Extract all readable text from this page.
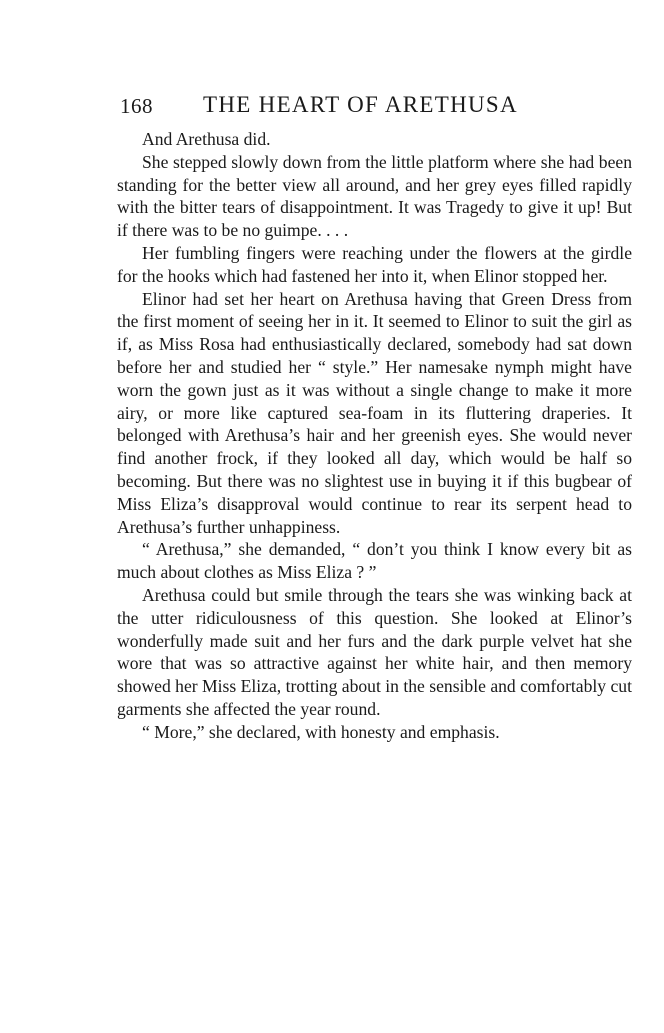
168 THE HEART OF ARETHUSA

And Arethusa did.

She stepped slowly down from the little platform where she had been standing for the better view all around, and her grey eyes filled rapidly with the bitter tears of disappointment. It was Tragedy to give it up! But if there was to be no guimpe. . . .

Her fumbling fingers were reaching under the flowers at the girdle for the hooks which had fastened her into it, when Elinor stopped her.

Elinor had set her heart on Arethusa having that Green Dress from the first moment of seeing her in it. It seemed to Elinor to suit the girl as if, as Miss Rosa had enthusiastically declared, somebody had sat down before her and studied her “ style.” Her namesake nymph might have worn the gown just as it was without a single change to make it more airy, or more like captured sea-foam in its fluttering draperies. It belonged with Arethusa’s hair and her greenish eyes. She would never find another frock, if they looked all day, which would be half so becoming. But there was no slightest use in buying it if this bugbear of Miss Eliza’s disapproval would continue to rear its serpent head to Arethusa’s further unhappiness.

“ Arethusa,” she demanded, “ don’t you think I know every bit as much about clothes as Miss Eliza ? ”

Arethusa could but smile through the tears she was winking back at the utter ridiculousness of this question. She looked at Elinor’s wonderfully made suit and her furs and the dark purple velvet hat she wore that was so attractive against her white hair, and then memory showed her Miss Eliza, trotting about in the sensible and comfortably cut garments she affected the year round.

“ More,” she declared, with honesty and emphasis.
